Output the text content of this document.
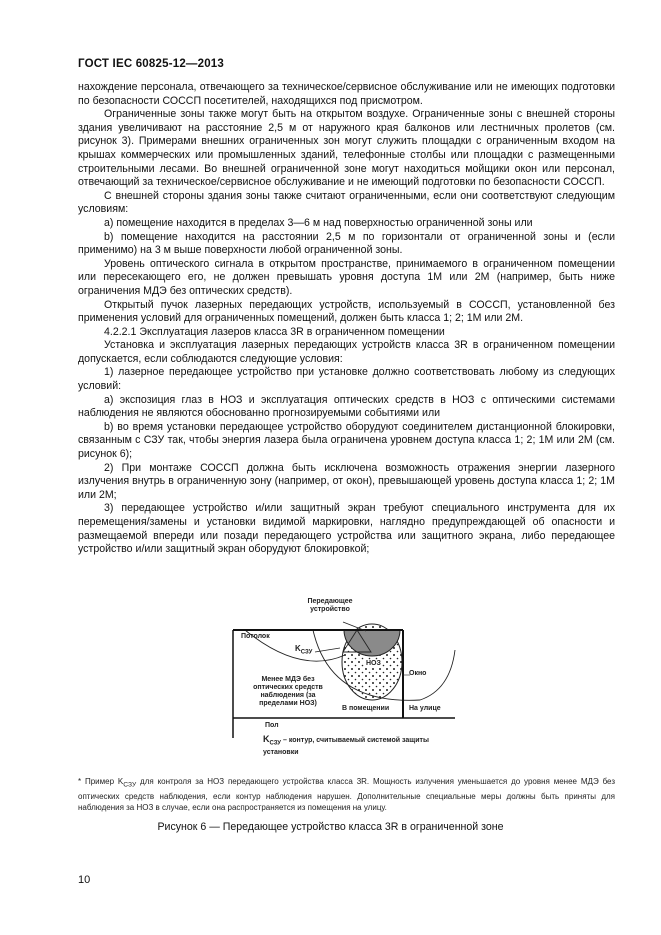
ГОСТ IEC 60825-12—2013

нахождение персонала, отвечающего за техническое/сервисное обслуживание или не имеющих подготовки по безопасности СОССП посетителей, находящихся под присмотром.

Ограниченные зоны также могут быть на открытом воздухе. Ограниченные зоны с внешней стороны здания увеличивают на расстояние 2,5 м от наружного края балконов или лестничных пролетов (см. рисунок 3). Примерами внешних ограниченных зон могут служить площадки с ограниченным входом на крышах коммерческих или промышленных зданий, телефонные столбы или площадки с размещенными строительными лесами. Во внешней ограниченной зоне могут находиться мойщики окон или персонал, отвечающий за техническое/сервисное обслуживание и не имеющий подготовки по безопасности СОССП.

С внешней стороны здания зоны также считают ограниченными, если они соответствуют следующим условиям:

а) помещение находится в пределах 3—6 м над поверхностью ограниченной зоны или

b) помещение находится на расстоянии 2,5 м по горизонтали от ограниченной зоны и (если применимо) на 3 м выше поверхности любой ограниченной зоны.

Уровень оптического сигнала в открытом пространстве, принимаемого в ограниченном помещении или пересекающего его, не должен превышать уровня доступа 1М или 2М (например, быть ниже ограничения МДЭ без оптических средств).

Открытый пучок лазерных передающих устройств, используемый в СОССП, установленной без применения условий для ограниченных помещений, должен быть класса 1; 2; 1М или 2М.

4.2.2.1 Эксплуатация лазеров класса 3R в ограниченном помещении

Установка и эксплуатация лазерных передающих устройств класса 3R в ограниченном помещении допускается, если соблюдаются следующие условия:

1) лазерное передающее устройство при установке должно соответствовать любому из следующих условий:

а) экспозиция глаз в НОЗ и эксплуатация оптических средств в НОЗ с оптическими системами наблюдения не являются обоснованно прогнозируемыми событиями или

b) во время установки передающее устройство оборудуют соединителем дистанционной блокировки, связанным с СЗУ так, чтобы энергия лазера была ограничена уровнем доступа класса 1; 2; 1М или 2М (см. рисунок 6);

2) При монтаже СОССП должна быть исключена возможность отражения энергии лазерного излучения внутрь в ограниченную зону (например, от окон), превышающей уровень доступа класса 1; 2; 1М или 2М;

3) передающее устройство и/или защитный экран требуют специального инструмента для их перемещения/замены и установки видимой маркировки, наглядно предупреждающей об опасности и размещаемой впереди или позади передающего устройства или защитного экрана, либо передающее устройство и/или защитный экран оборудуют блокировкой;

Передающее устройство
Потолок
$K_{СЗУ}$
НОЗ
Окно
Менее МДЭ без оптических средств наблюдения (за пределами НОЗ)
В помещении	На улице
Пол
$K_{СЗУ}$ – контур, считываемый системой защиты установки
* Пример $K_{СЗУ}$ для контроля за НОЗ передающего устройства класса 3R. Мощность излучения уменьшается до уровня менее МДЭ без оптических средств наблюдения, если контур наблюдения нарушен. Дополнительные специальные меры должны быть приняты для наблюдения за НОЗ в случае, если она распространяется из помещения на улицу.
Рисунок 6 — Передающее устройство класса 3R в ограниченной зоне
10
